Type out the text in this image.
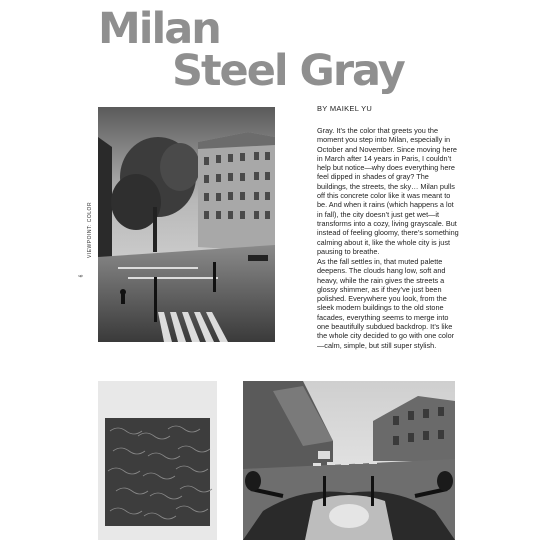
Milan
Steel Gray
VIEWPOINT: COLOR
6
BY MAIKEL YU

Gray. It’s the color that greets you the moment you step into Milan, especially in October and November. Since moving here in March after 14 years in Paris, I couldn’t help but notice—why does everything here feel dipped in shades of gray? The buildings, the streets, the sky… Milan pulls off this concrete color like it was meant to be. And when it rains (which happens a lot in fall), the city doesn’t just get wet—it transforms into a cozy, living grayscale. But instead of feeling gloomy, there’s something calming about it, like the whole city is just pausing to breathe.

As the fall settles in, that muted palette deepens. The clouds hang low, soft and heavy, while the rain gives the streets a glossy shimmer, as if they’ve just been polished. Everywhere you look, from the sleek modern buildings to the old stone facades, everything seems to merge into one beautifully subdued backdrop. It’s like the whole city decided to go with one color—calm, simple, but still super stylish.
